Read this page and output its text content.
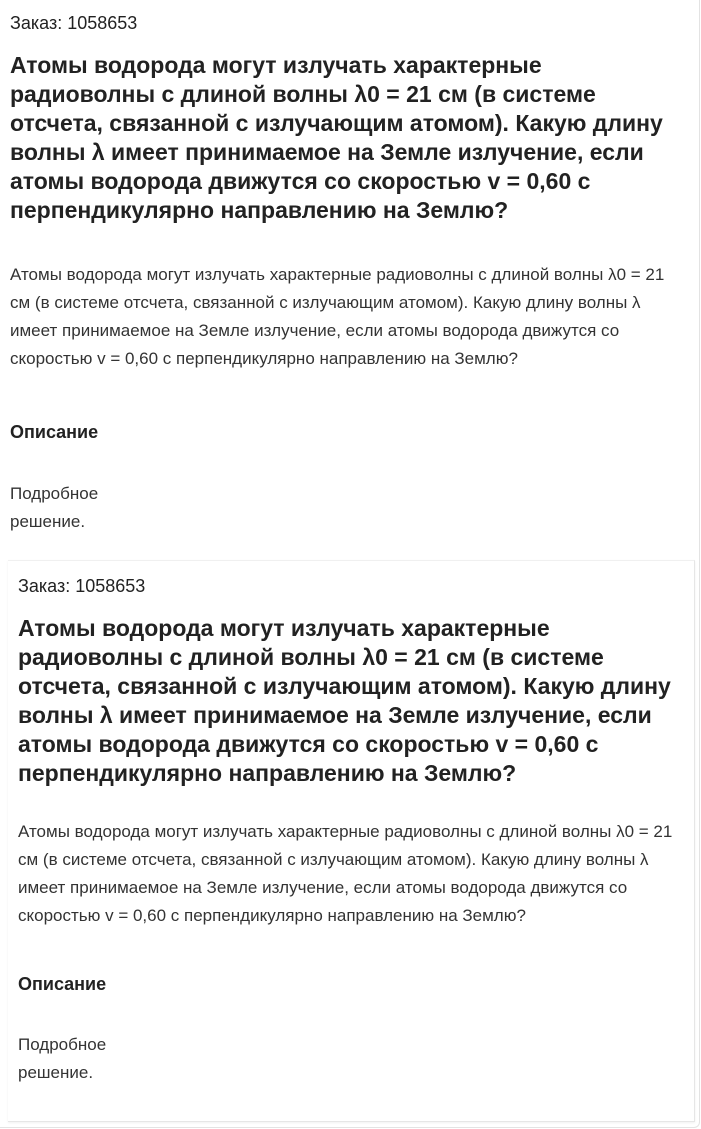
Заказ: 1058653
Атомы водорода могут излучать характерные радиоволны с длиной волны λ0 = 21 см (в системе отсчета, связанной с излучающим атомом). Какую длину волны λ имеет принимаемое на Земле излучение, если атомы водорода движутся со скоростью v = 0,60 с перпендикулярно направлению на Землю?

Атомы водорода могут излучать характерные радиоволны с длиной волны λ0 = 21 см (в системе отсчета, связанной с излучающим атомом). Какую длину волны λ имеет принимаемое на Земле излучение, если атомы водорода движутся со скоростью v = 0,60 с перпендикулярно направлению на Землю?

Описание

Подробное решение.

Заказ: 1058653
Атомы водорода могут излучать характерные радиоволны с длиной волны λ0 = 21 см (в системе отсчета, связанной с излучающим атомом). Какую длину волны λ имеет принимаемое на Земле излучение, если атомы водорода движутся со скоростью v = 0,60 с перпендикулярно направлению на Землю?

Атомы водорода могут излучать характерные радиоволны с длиной волны λ0 = 21 см (в системе отсчета, связанной с излучающим атомом). Какую длину волны λ имеет принимаемое на Земле излучение, если атомы водорода движутся со скоростью v = 0,60 с перпендикулярно направлению на Землю?

Описание

Подробное решение.
